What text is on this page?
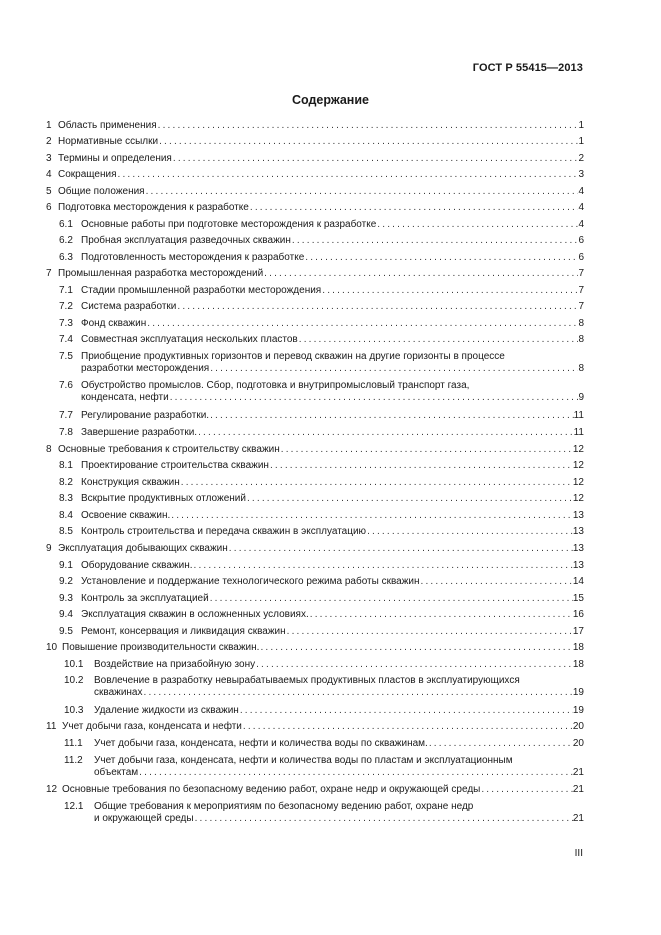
ГОСТ Р 55415—2013
Содержание
1 Область применения . . .	1
2 Нормативные ссылки . . .	1
3 Термины и определения . . .	2
4 Сокращения . . .	3
5 Общие положения . . .	4
6 Подготовка месторождения к разработке . . .	4
6.1 Основные работы при подготовке месторождения к разработке . . .	4
6.2 Пробная эксплуатация разведочных скважин . . .	6
6.3 Подготовленность месторождения к разработке . . .	6
7 Промышленная разработка месторождений . . .	7
7.1 Стадии промышленной разработки месторождения . . .	7
7.2 Система разработки . . .	7
7.3 Фонд скважин . . .	8
7.4 Совместная эксплуатация нескольких пластов . . .	8
7.5 Приобщение продуктивных горизонтов и перевод скважин на другие горизонты в процессе
разработки месторождения . . .	8
7.6 Обустройство промыслов. Сбор, подготовка и внутрипромысловый транспорт газа,
конденсата, нефти . . .	9
7.7 Регулирование разработки. . . .	11
7.8 Завершение разработки. . . .	11
8 Основные требования к строительству скважин . . .	12
8.1 Проектирование строительства скважин . . .	12
8.2 Конструкция скважин . . .	12
8.3 Вскрытие продуктивных отложений . . .	12
8.4 Освоение скважин. . . .	13
8.5 Контроль строительства и передача скважин в эксплуатацию . . .	13
9 Эксплуатация добывающих скважин . . .	13
9.1 Оборудование скважин. . . .	13
9.2 Установление и поддержание технологического режима работы скважин . . .	14
9.3 Контроль за эксплуатацией . . .	15
9.4 Эксплуатация скважин в осложненных условиях. . . .	16
9.5 Ремонт, консервация и ликвидация скважин . . .	17
10 Повышение производительности скважин. . . .	18
10.1	Воздействие на призабойную зону . . .	18
10.2	Вовлечение в разработку невырабатываемых продуктивных пластов в эксплуатирующихся
скважинах . . .	19
10.3	Удаление жидкости из скважин . . .	19
11 Учет добычи газа, конденсата и нефти . . .	20
11.1	Учет добычи газа, конденсата, нефти и количества воды по скважинам. . . .	20
11.2	Учет добычи газа, конденсата, нефти и количества воды по пластам и эксплуатационным
объектам . . .	21
12 Основные требования по безопасному ведению работ, охране недр и окружающей среды . . .	21
12.1	Общие требования к мероприятиям по безопасному ведению работ, охране недр
и окружающей среды . . .	21
III
